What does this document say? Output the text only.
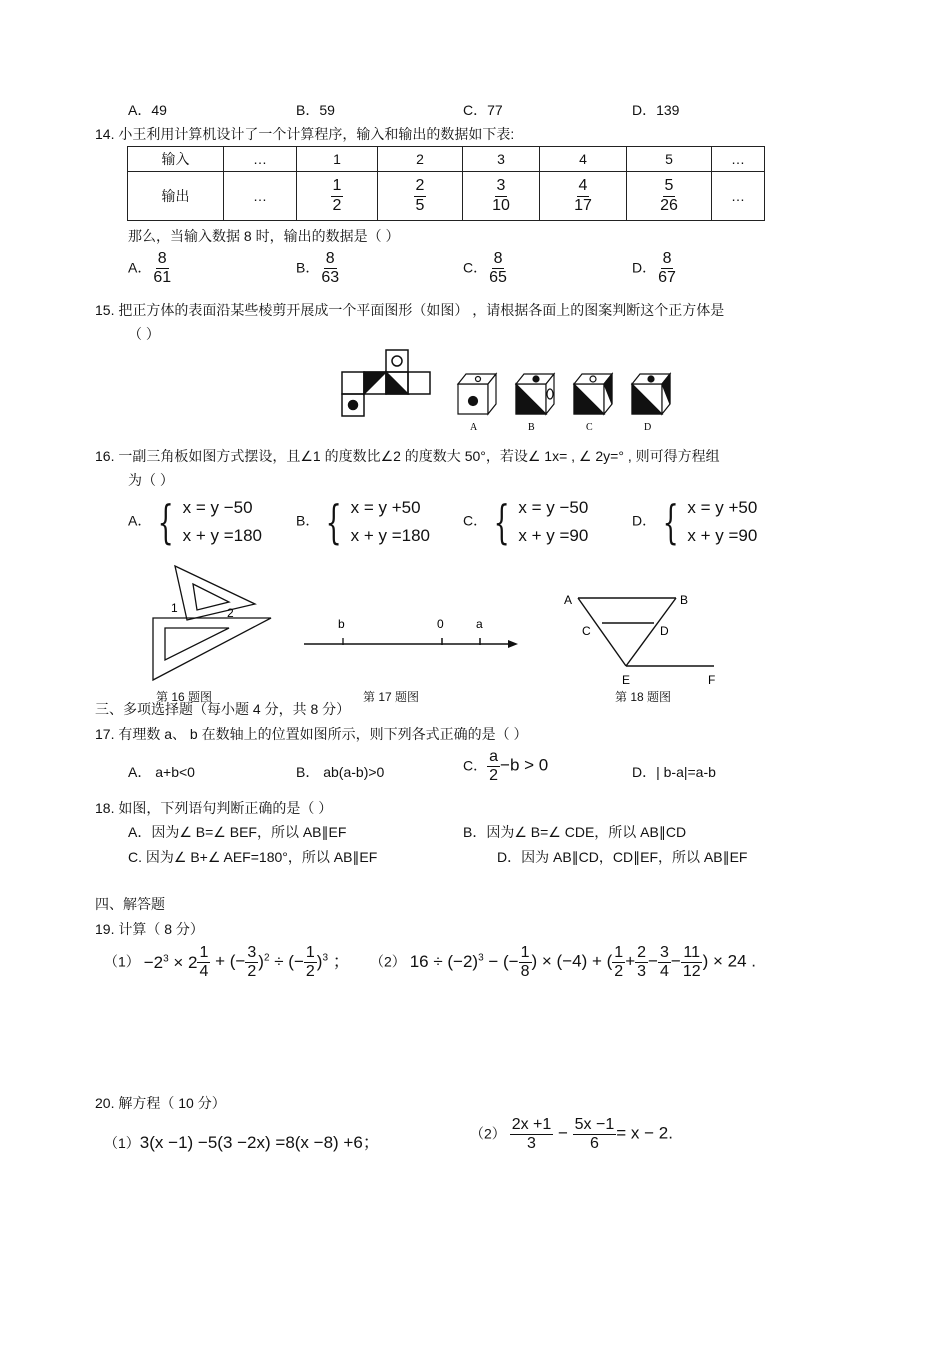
A．49	B．59	C．77	D．139
14. 小王利用计算机设计了一个计算程序，输入和输出的数据如下表:
输入	…	1	2	3	4	5	…
输出	…	$\frac{1}{2}$	$\frac{2}{5}$	$\frac{3}{10}$	$\frac{4}{17}$	$\frac{5}{26}$	…
那么，当输入数据 8 时，输出的数据是（ ）
A． $\frac{8}{61}$	B． $\frac{8}{63}$	C． $\frac{8}{65}$	D． $\frac{8}{67}$
15. 把正方体的表面沿某些棱剪开展成一个平面图形（如图） ，请根据各面上的图案判断这个正方体是
（ ）
A	B	C	D
16. 一副三角板如图方式摆设，且∠1 的度数比∠2 的度数大 50°，若设∠ 1x= , ∠ 2y=° , 则可得方程组
为（ ）
A． { x = y −50
x + y =180
B． { x = y +50
x + y =180
C． { x = y −50
x + y =90
D． { x = y +50
x + y =90
1	2
第 16 题图
b	0	a
第 17 题图
A	B
C	D
E	F
第 18 题图
三、多项选择题（每小题 4 分，共 8 分）
17. 有理数 a、 b 在数轴上的位置如图所示，则下列各式正确的是（ ）
A． a+b<0	B． ab(a-b)>0	C． $\frac{a}{2} -b > 0$	D．| b-a|=a-b
18. 如图，下列语句判断正确的是（ ）
A．因为∠ B=∠ BEF，所以 AB∥EF	B．因为∠ B=∠ CDE，所以 AB∥CD
C. 因为∠ B+∠ AEF=180°，所以 AB∥EF	D．因为 AB∥CD，CD∥EF，所以 AB∥EF
四、解答题
19. 计算（ 8 分）
$(1) -2^3 \times 2 \frac{1}{4}$ + (− $\frac{3}{2} )^2$ ÷ (− $\frac{1}{2} )^3$ ； （2） $16 \div (-2)^3$ − (− $\frac{1}{8}$ ) × (−4) + ( $\frac{1}{2} + \frac{2}{3} - \frac{3}{4} - \frac{11}{12}$ ) × 24 .
20. 解方程（ 10 分）
（1）3(x −1) −5(3 −2x) =8(x −8) +6；	$(2) \frac{2x +1}{3} - \frac{5x -1}{6} = x - 2$.
